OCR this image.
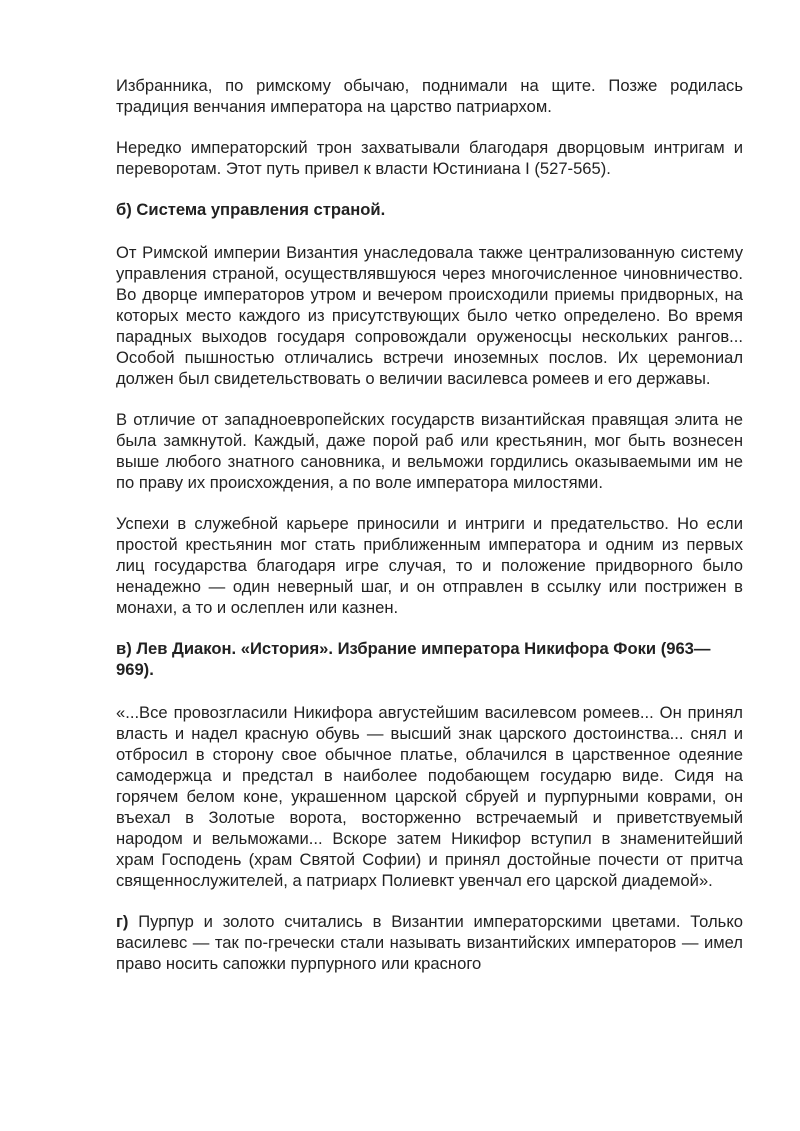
Избранника, по римскому обычаю, поднимали на щите. Позже родилась традиция венчания императора на царство патриархом.

Нередко императорский трон захватывали благодаря дворцовым интригам и переворотам. Этот путь привел к власти Юстиниана I (527-565).

б) Система управления страной.

От Римской империи Византия унаследовала также централизованную систему управления страной, осуществлявшуюся через многочисленное чиновничество. Во дворце императоров утром и вечером происходили приемы придворных, на которых место каждого из присутствующих было четко определено. Во время парадных выходов государя сопровождали оруженосцы нескольких рангов... Особой пышностью отличались встречи иноземных послов. Их церемониал должен был свидетельствовать о величии василевса ромеев и его державы.

В отличие от западноевропейских государств византийская правящая элита не была замкнутой. Каждый, даже порой раб или крестьянин, мог быть вознесен выше любого знатного сановника, и вельможи гордились оказываемыми им не по праву их происхождения, а по воле императора милостями.

Успехи в служебной карьере приносили и интриги и предательство. Но если простой крестьянин мог стать приближенным императора и одним из первых лиц государства благодаря игре случая, то и положение придворного было ненадежно — один неверный шаг, и он отправлен в ссылку или пострижен в монахи, а то и ослеплен или казнен.

в) Лев Диакон. «История». Избрание императора Никифора Фоки (963—969).

«...Все провозгласили Никифора августейшим василевсом ромеев... Он принял власть и надел красную обувь — высший знак царского достоинства... снял и отбросил в сторону свое обычное платье, облачился в царственное одеяние самодержца и предстал в наиболее подобающем государю виде. Сидя на горячем белом коне, украшенном царской сбруей и пурпурными коврами, он въехал в Золотые ворота, восторженно встречаемый и приветствуемый народом и вельможами... Вскоре затем Никифор вступил в знаменитейший храм Господень (храм Святой Софии) и принял достойные почести от притча священнослужителей, а патриарх Полиевкт увенчал его царской диадемой».

г) Пурпур и золото считались в Византии императорскими цветами. Только василевс — так по-гречески стали называть византийских императоров — имел право носить сапожки пурпурного или красного
